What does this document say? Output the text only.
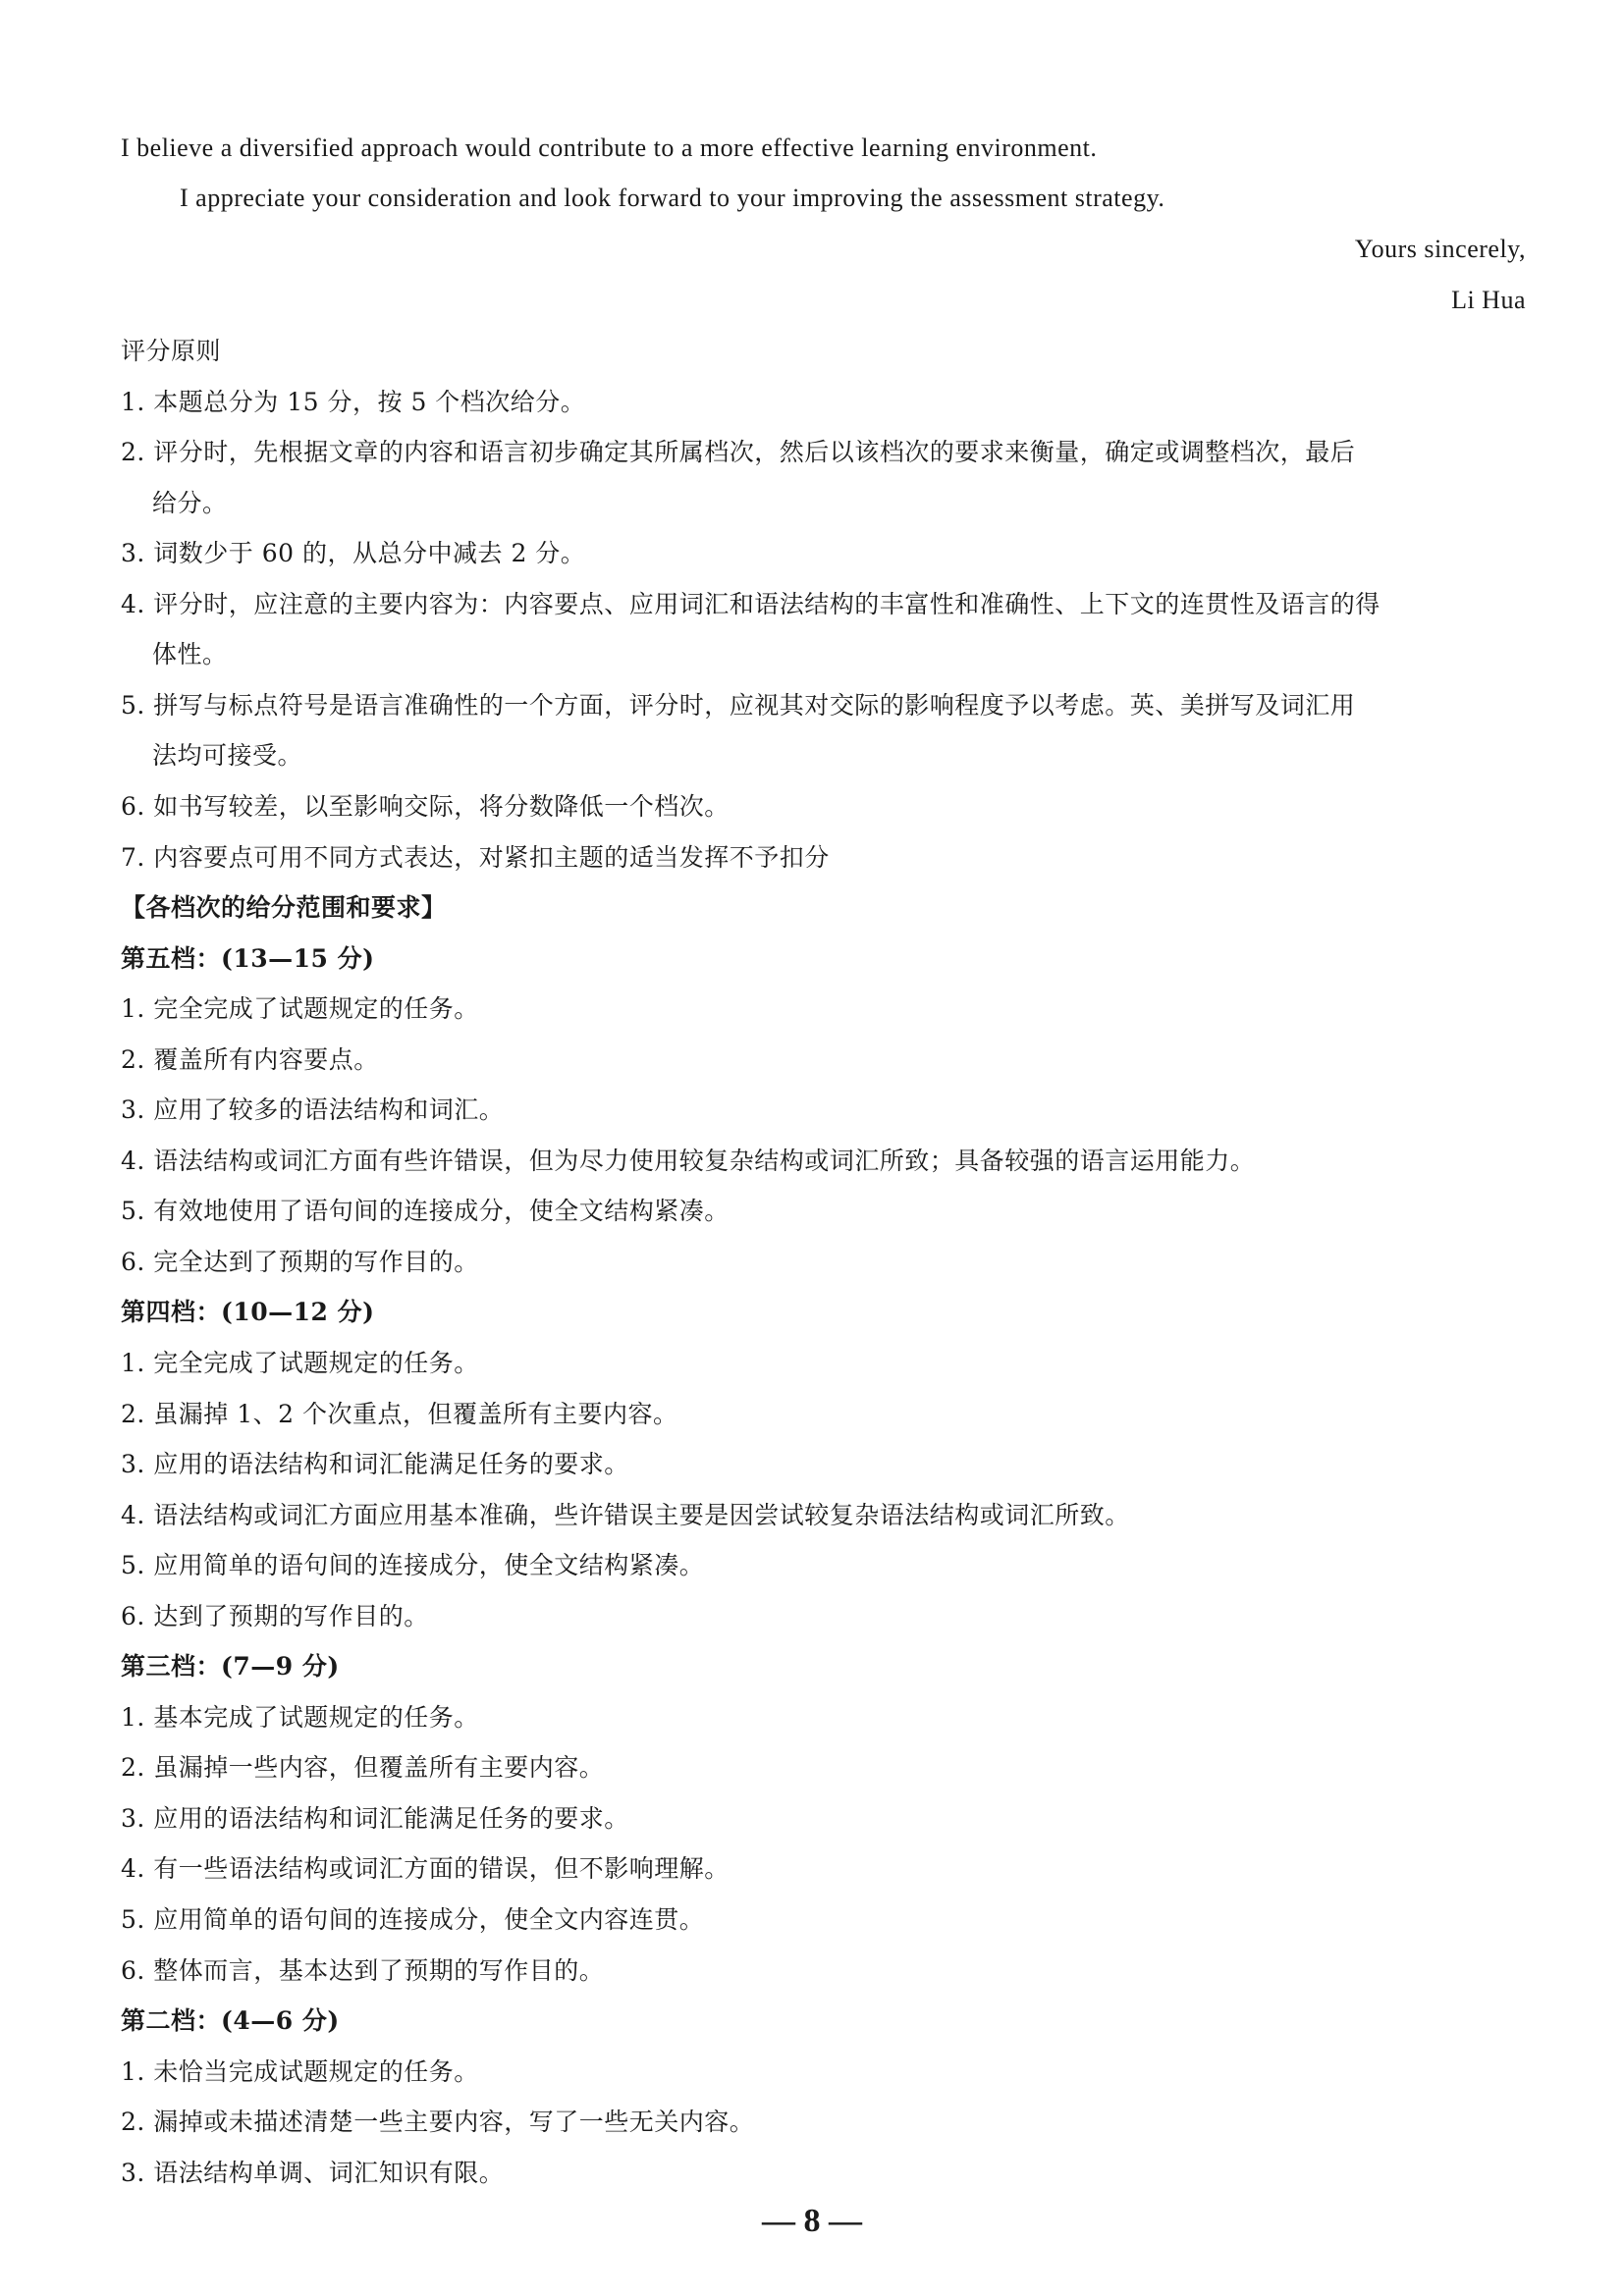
I believe a diversified approach would contribute to a more effective learning environment.
I appreciate your consideration and look forward to your improving the assessment strategy.
Yours sincerely,
Li Hua
评分原则
1. 本题总分为 15 分，按 5 个档次给分。
2. 评分时，先根据文章的内容和语言初步确定其所属档次，然后以该档次的要求来衡量，确定或调整档次，最后
给分。
3. 词数少于 60 的，从总分中减去 2 分。
4. 评分时，应注意的主要内容为：内容要点、应用词汇和语法结构的丰富性和准确性、上下文的连贯性及语言的得
体性。
5. 拼写与标点符号是语言准确性的一个方面，评分时，应视其对交际的影响程度予以考虑。英、美拼写及词汇用
法均可接受。
6. 如书写较差，以至影响交际，将分数降低一个档次。
7. 内容要点可用不同方式表达，对紧扣主题的适当发挥不予扣分
【各档次的给分范围和要求】
第五档：(13—15 分)
1. 完全完成了试题规定的任务。
2. 覆盖所有内容要点。
3. 应用了较多的语法结构和词汇。
4. 语法结构或词汇方面有些许错误，但为尽力使用较复杂结构或词汇所致；具备较强的语言运用能力。
5. 有效地使用了语句间的连接成分，使全文结构紧凑。
6. 完全达到了预期的写作目的。
第四档：(10—12 分)
1. 完全完成了试题规定的任务。
2. 虽漏掉 1、2 个次重点，但覆盖所有主要内容。
3. 应用的语法结构和词汇能满足任务的要求。
4. 语法结构或词汇方面应用基本准确，些许错误主要是因尝试较复杂语法结构或词汇所致。
5. 应用简单的语句间的连接成分，使全文结构紧凑。
6. 达到了预期的写作目的。
第三档：(7—9 分)
1. 基本完成了试题规定的任务。
2. 虽漏掉一些内容，但覆盖所有主要内容。
3. 应用的语法结构和词汇能满足任务的要求。
4. 有一些语法结构或词汇方面的错误，但不影响理解。
5. 应用简单的语句间的连接成分，使全文内容连贯。
6. 整体而言，基本达到了预期的写作目的。
第二档：(4—6 分)
1. 未恰当完成试题规定的任务。
2. 漏掉或未描述清楚一些主要内容，写了一些无关内容。
3. 语法结构单调、词汇知识有限。
— 8 —
